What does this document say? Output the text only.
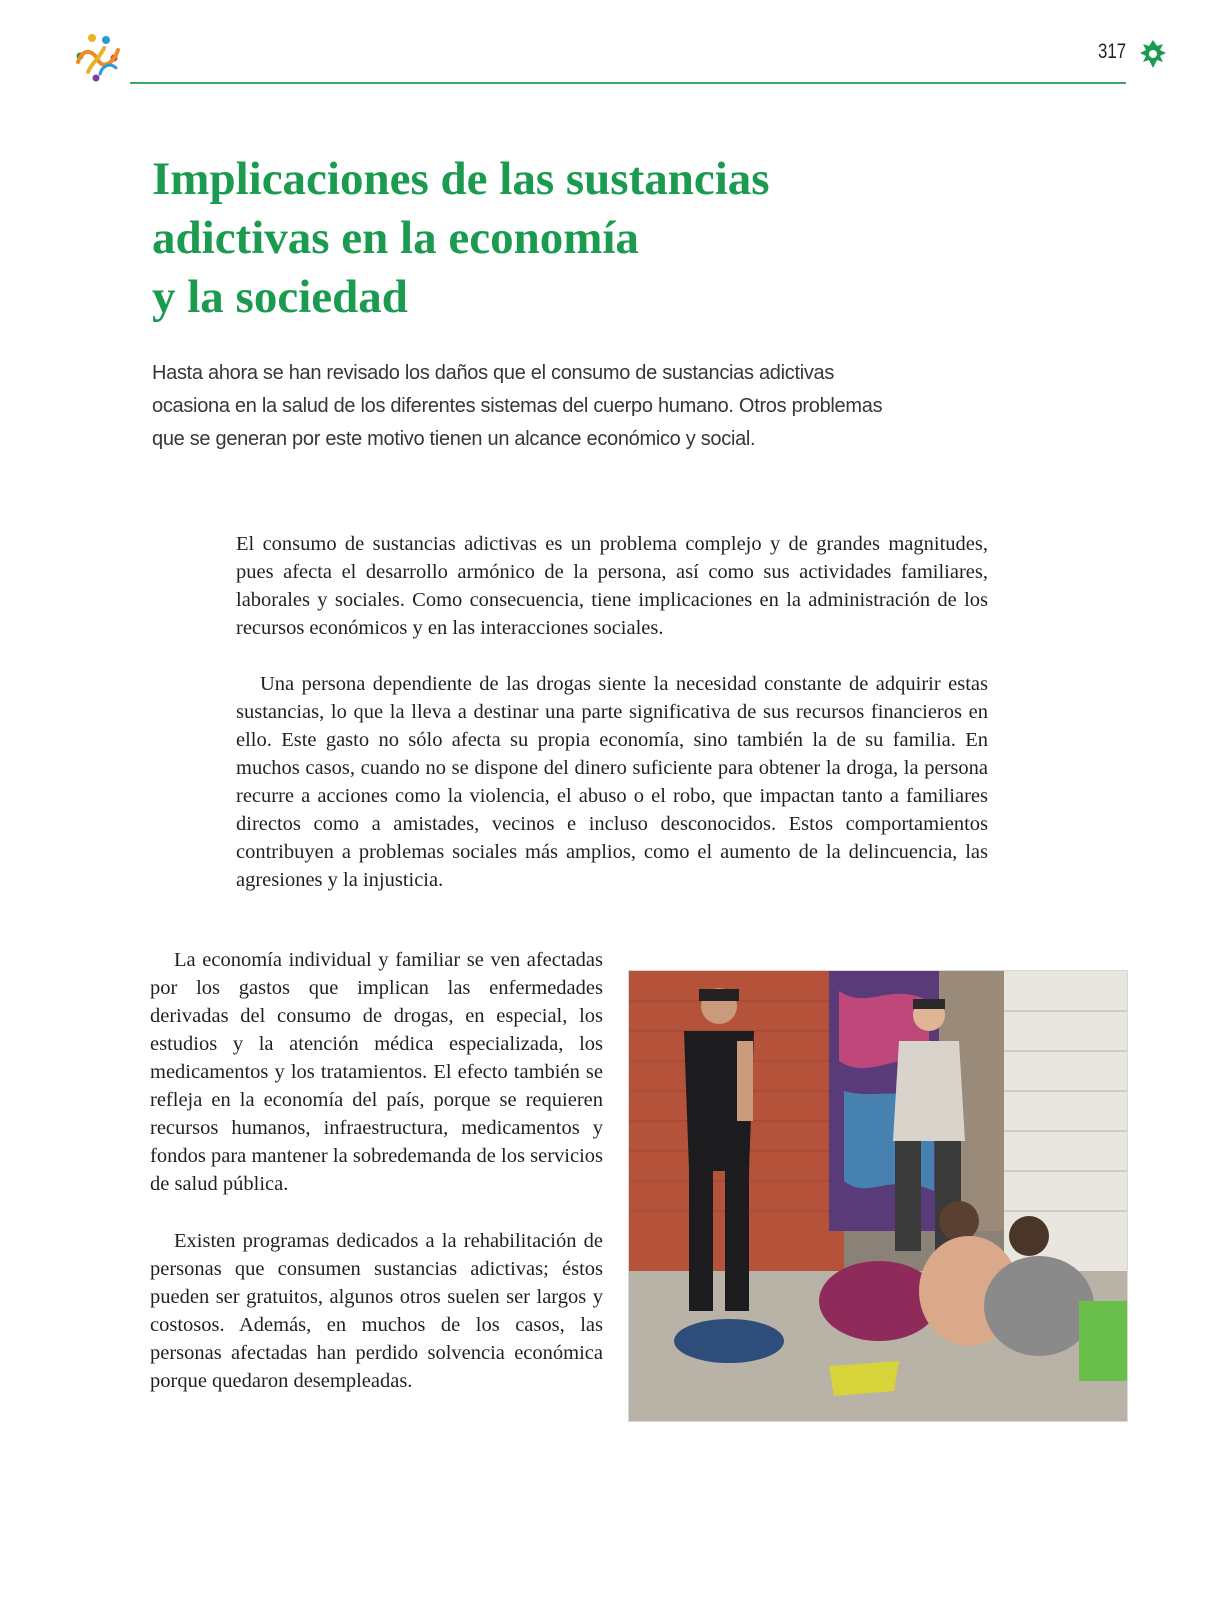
317
Implicaciones de las sustancias
adictivas en la economía
y la sociedad

Hasta ahora se han revisado los daños que el consumo de sustancias adictivas ocasiona en la salud de los diferentes sistemas del cuerpo humano. Otros problemas que se generan por este motivo tienen un alcance económico y social.

El consumo de sustancias adictivas es un problema complejo y de grandes magnitudes, pues afecta el desarrollo armónico de la persona, así como sus actividades familiares, laborales y sociales. Como consecuencia, tiene implicaciones en la administración de los recursos económicos y en las interacciones sociales.

Una persona dependiente de las drogas siente la necesidad constante de adquirir estas sustancias, lo que la lleva a destinar una parte significativa de sus recursos financieros en ello. Este gasto no sólo afecta su propia economía, sino también la de su familia. En muchos casos, cuando no se dispone del dinero suficiente para obtener la droga, la persona recurre a acciones como la violencia, el abuso o el robo, que impactan tanto a familiares directos como a amistades, vecinos e incluso desconocidos. Estos comportamientos contribuyen a problemas sociales más amplios, como el aumento de la delincuencia, las agresiones y la injusticia.

La economía individual y familiar se ven afectadas por los gastos que implican las enfermedades derivadas del consumo de drogas, en especial, los estudios y la atención médica especializada, los medicamentos y los tratamientos. El efecto también se refleja en la economía del país, porque se requieren recursos humanos, infraestructura, medicamentos y fondos para mantener la sobredemanda de los servicios de salud pública.

Existen programas dedicados a la rehabilitación de personas que consumen sustancias adictivas; éstos pueden ser gratuitos, algunos otros suelen ser largos y costosos. Además, en muchos de los casos, las personas afectadas han perdido solvencia económica porque quedaron desempleadas.
